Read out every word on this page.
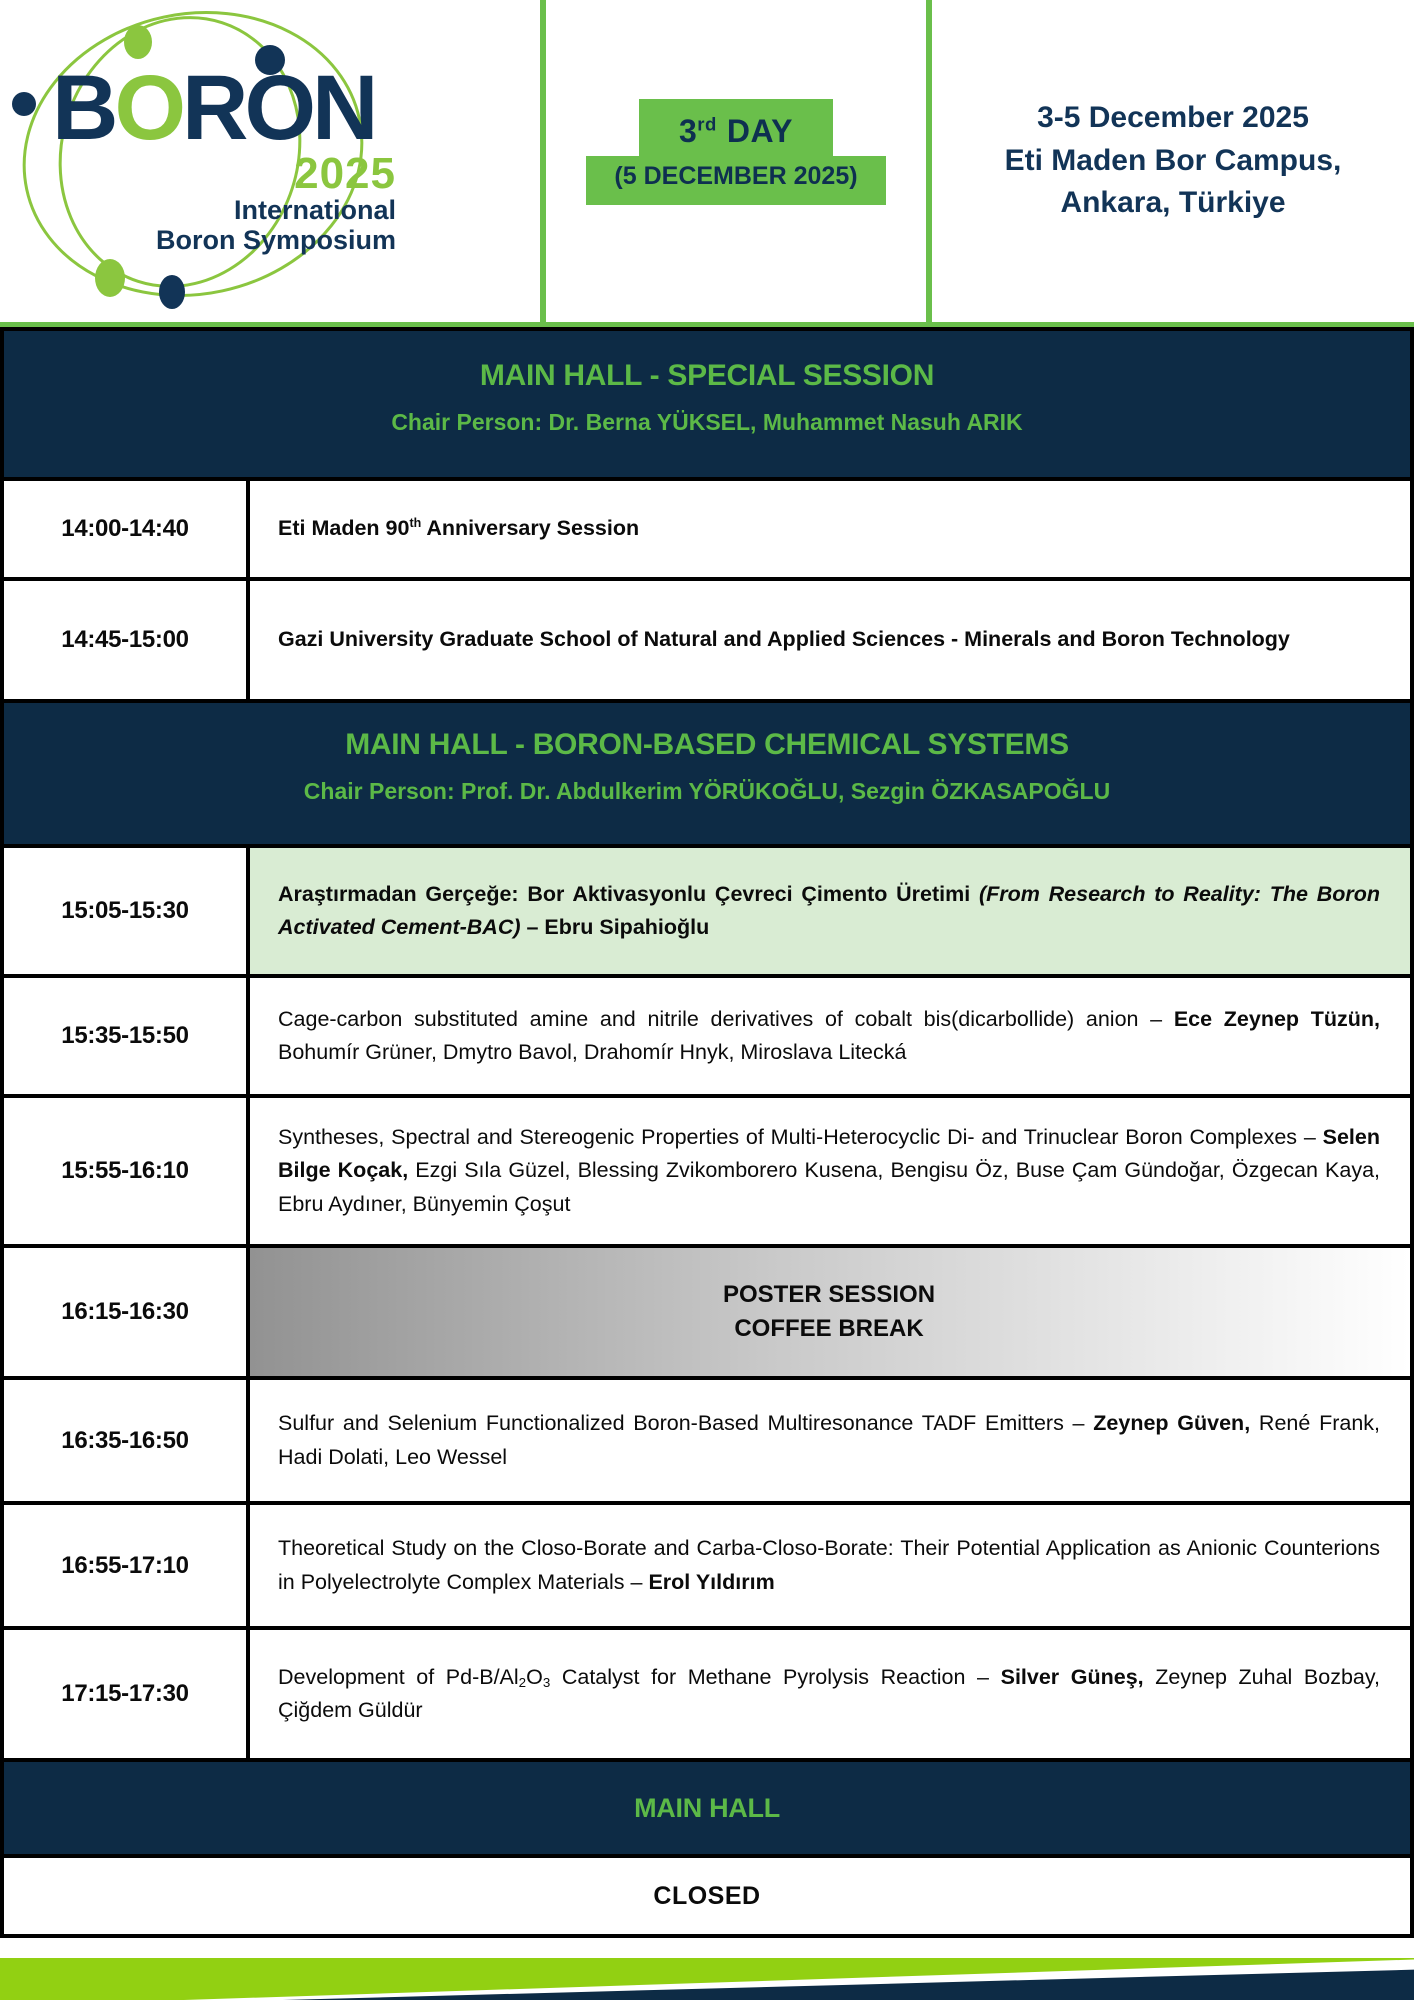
BORON
2025
International
Boron Symposium
3rd DAY
(5 DECEMBER 2025)
3-5 December 2025
Eti Maden Bor Campus,
Ankara, Türkiye
MAIN HALL - SPECIAL SESSION
Chair Person: Dr. Berna YÜKSEL, Muhammet Nasuh ARIK
14:00-14:40	Eti Maden 90th Anniversary Session
14:45-15:00	Gazi University Graduate School of Natural and Applied Sciences - Minerals and Boron Technology
MAIN HALL - BORON-BASED CHEMICAL SYSTEMS
Chair Person: Prof. Dr. Abdulkerim YÖRÜKOĞLU, Sezgin ÖZKASAPOĞLU
15:05-15:30
Araştırmadan Gerçeğe: Bor Aktivasyonlu Çevreci Çimento Üretimi (From Research to Reality: The Boron Activated Cement-BAC) – Ebru Sipahioğlu
15:35-15:50
Cage-carbon substituted amine and nitrile derivatives of cobalt bis(dicarbollide) anion – Ece Zeynep Tüzün, Bohumír Grüner, Dmytro Bavol, Drahomír Hnyk, Miroslava Litecká
15:55-16:10
Syntheses, Spectral and Stereogenic Properties of Multi-Heterocyclic Di- and Trinuclear Boron Complexes – Selen Bilge Koçak, Ezgi Sıla Güzel, Blessing Zvikomborero Kusena, Bengisu Öz, Buse Çam Gündoğar, Özgecan Kaya, Ebru Aydıner, Bünyemin Çoşut
16:15-16:30
POSTER SESSION
COFFEE BREAK
16:35-16:50
Sulfur and Selenium Functionalized Boron-Based Multiresonance TADF Emitters – Zeynep Güven, René Frank, Hadi Dolati, Leo Wessel
16:55-17:10
Theoretical Study on the Closo-Borate and Carba-Closo-Borate: Their Potential Application as Anionic Counterions in Polyelectrolyte Complex Materials – Erol Yıldırım
17:15-17:30
Development of Pd-B/Al2O3 Catalyst for Methane Pyrolysis Reaction – Silver Güneş, Zeynep Zuhal Bozbay, Çiğdem Güldür
MAIN HALL
CLOSED
